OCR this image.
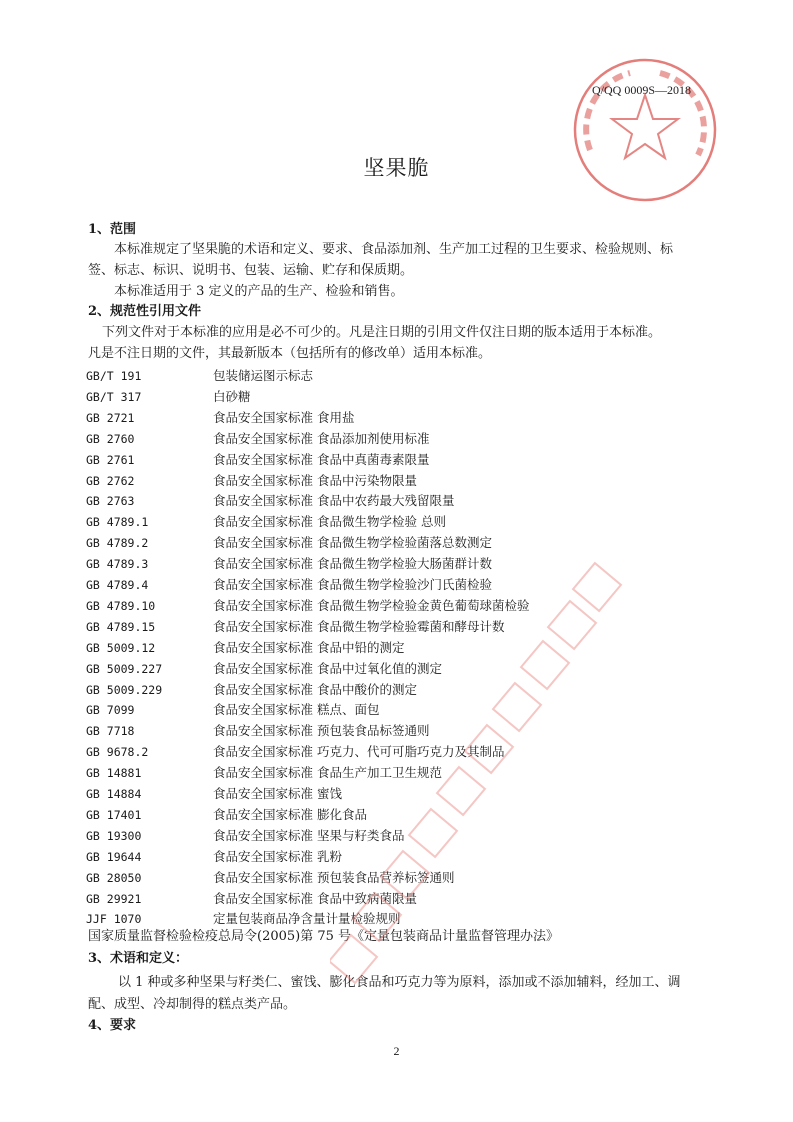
Q/QQ 0009S—2018
坚果脆
1、范围
本标准规定了坚果脆的术语和定义、要求、食品添加剂、生产加工过程的卫生要求、检验规则、标
签、标志、标识、说明书、包装、运输、贮存和保质期。
本标准适用于 3 定义的产品的生产、检验和销售。
2、规范性引用文件
下列文件对于本标准的应用是必不可少的。凡是注日期的引用文件仅注日期的版本适用于本标准。
凡是不注日期的文件，其最新版本（包括所有的修改单）适用本标准。
GB/T 191	包装储运图示标志
GB/T 317	白砂糖
GB 2721	食品安全国家标准 食用盐
GB 2760	食品安全国家标准 食品添加剂使用标准
GB 2761	食品安全国家标准 食品中真菌毒素限量
GB 2762	食品安全国家标准 食品中污染物限量
GB 2763	食品安全国家标准 食品中农药最大残留限量
GB 4789.1	食品安全国家标准 食品微生物学检验 总则
GB 4789.2	食品安全国家标准 食品微生物学检验菌落总数测定
GB 4789.3	食品安全国家标准 食品微生物学检验大肠菌群计数
GB 4789.4	食品安全国家标准 食品微生物学检验沙门氏菌检验
GB 4789.10	食品安全国家标准 食品微生物学检验金黄色葡萄球菌检验
GB 4789.15	食品安全国家标准 食品微生物学检验霉菌和酵母计数
GB 5009.12	食品安全国家标准 食品中铅的测定
GB 5009.227	食品安全国家标准 食品中过氧化值的测定
GB 5009.229	食品安全国家标准 食品中酸价的测定
GB 7099	食品安全国家标准 糕点、面包
GB 7718	食品安全国家标准 预包装食品标签通则
GB 9678.2	食品安全国家标准 巧克力、代可可脂巧克力及其制品
GB 14881	食品安全国家标准 食品生产加工卫生规范
GB 14884	食品安全国家标准 蜜饯
GB 17401	食品安全国家标准 膨化食品
GB 19300	食品安全国家标准 坚果与籽类食品
GB 19644	食品安全国家标准 乳粉
GB 28050	食品安全国家标准 预包装食品营养标签通则
GB 29921	食品安全国家标准 食品中致病菌限量
JJF 1070	定量包装商品净含量计量检验规则
国家质量监督检验检疫总局令(2005)第 75 号《定量包装商品计量监督管理办法》
3、术语和定义：
以 1 种或多种坚果与籽类仁、蜜饯、膨化食品和巧克力等为原料，添加或不添加辅料，经加工、调
配、成型、冷却制得的糕点类产品。
4、要求
2
